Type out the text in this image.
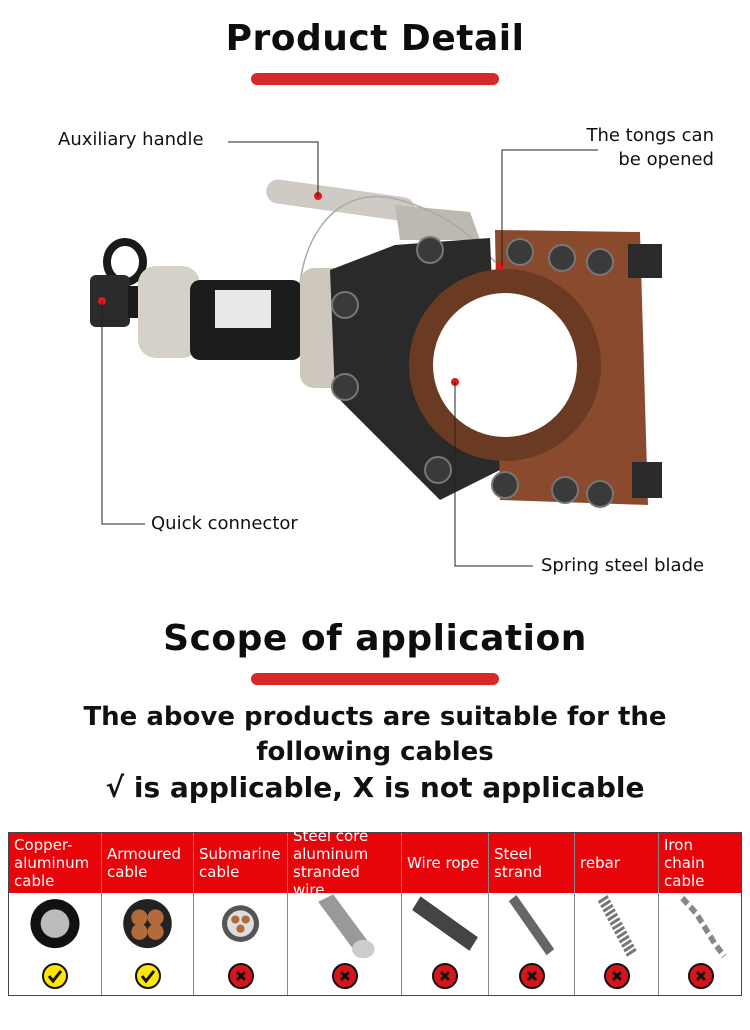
Product Detail
Auxiliary handle	The tongs can
be opened
Quick connector
Spring steel blade
Scope of application
The above products are suitable for the
following cables
√ is applicable, X is not applicable
Copper-
aluminum
cable
Armoured
cable
Submarine
cable
Steel core
aluminum
stranded wire
Wire rope Steel
strand	rebar
Iron
chain
cable
